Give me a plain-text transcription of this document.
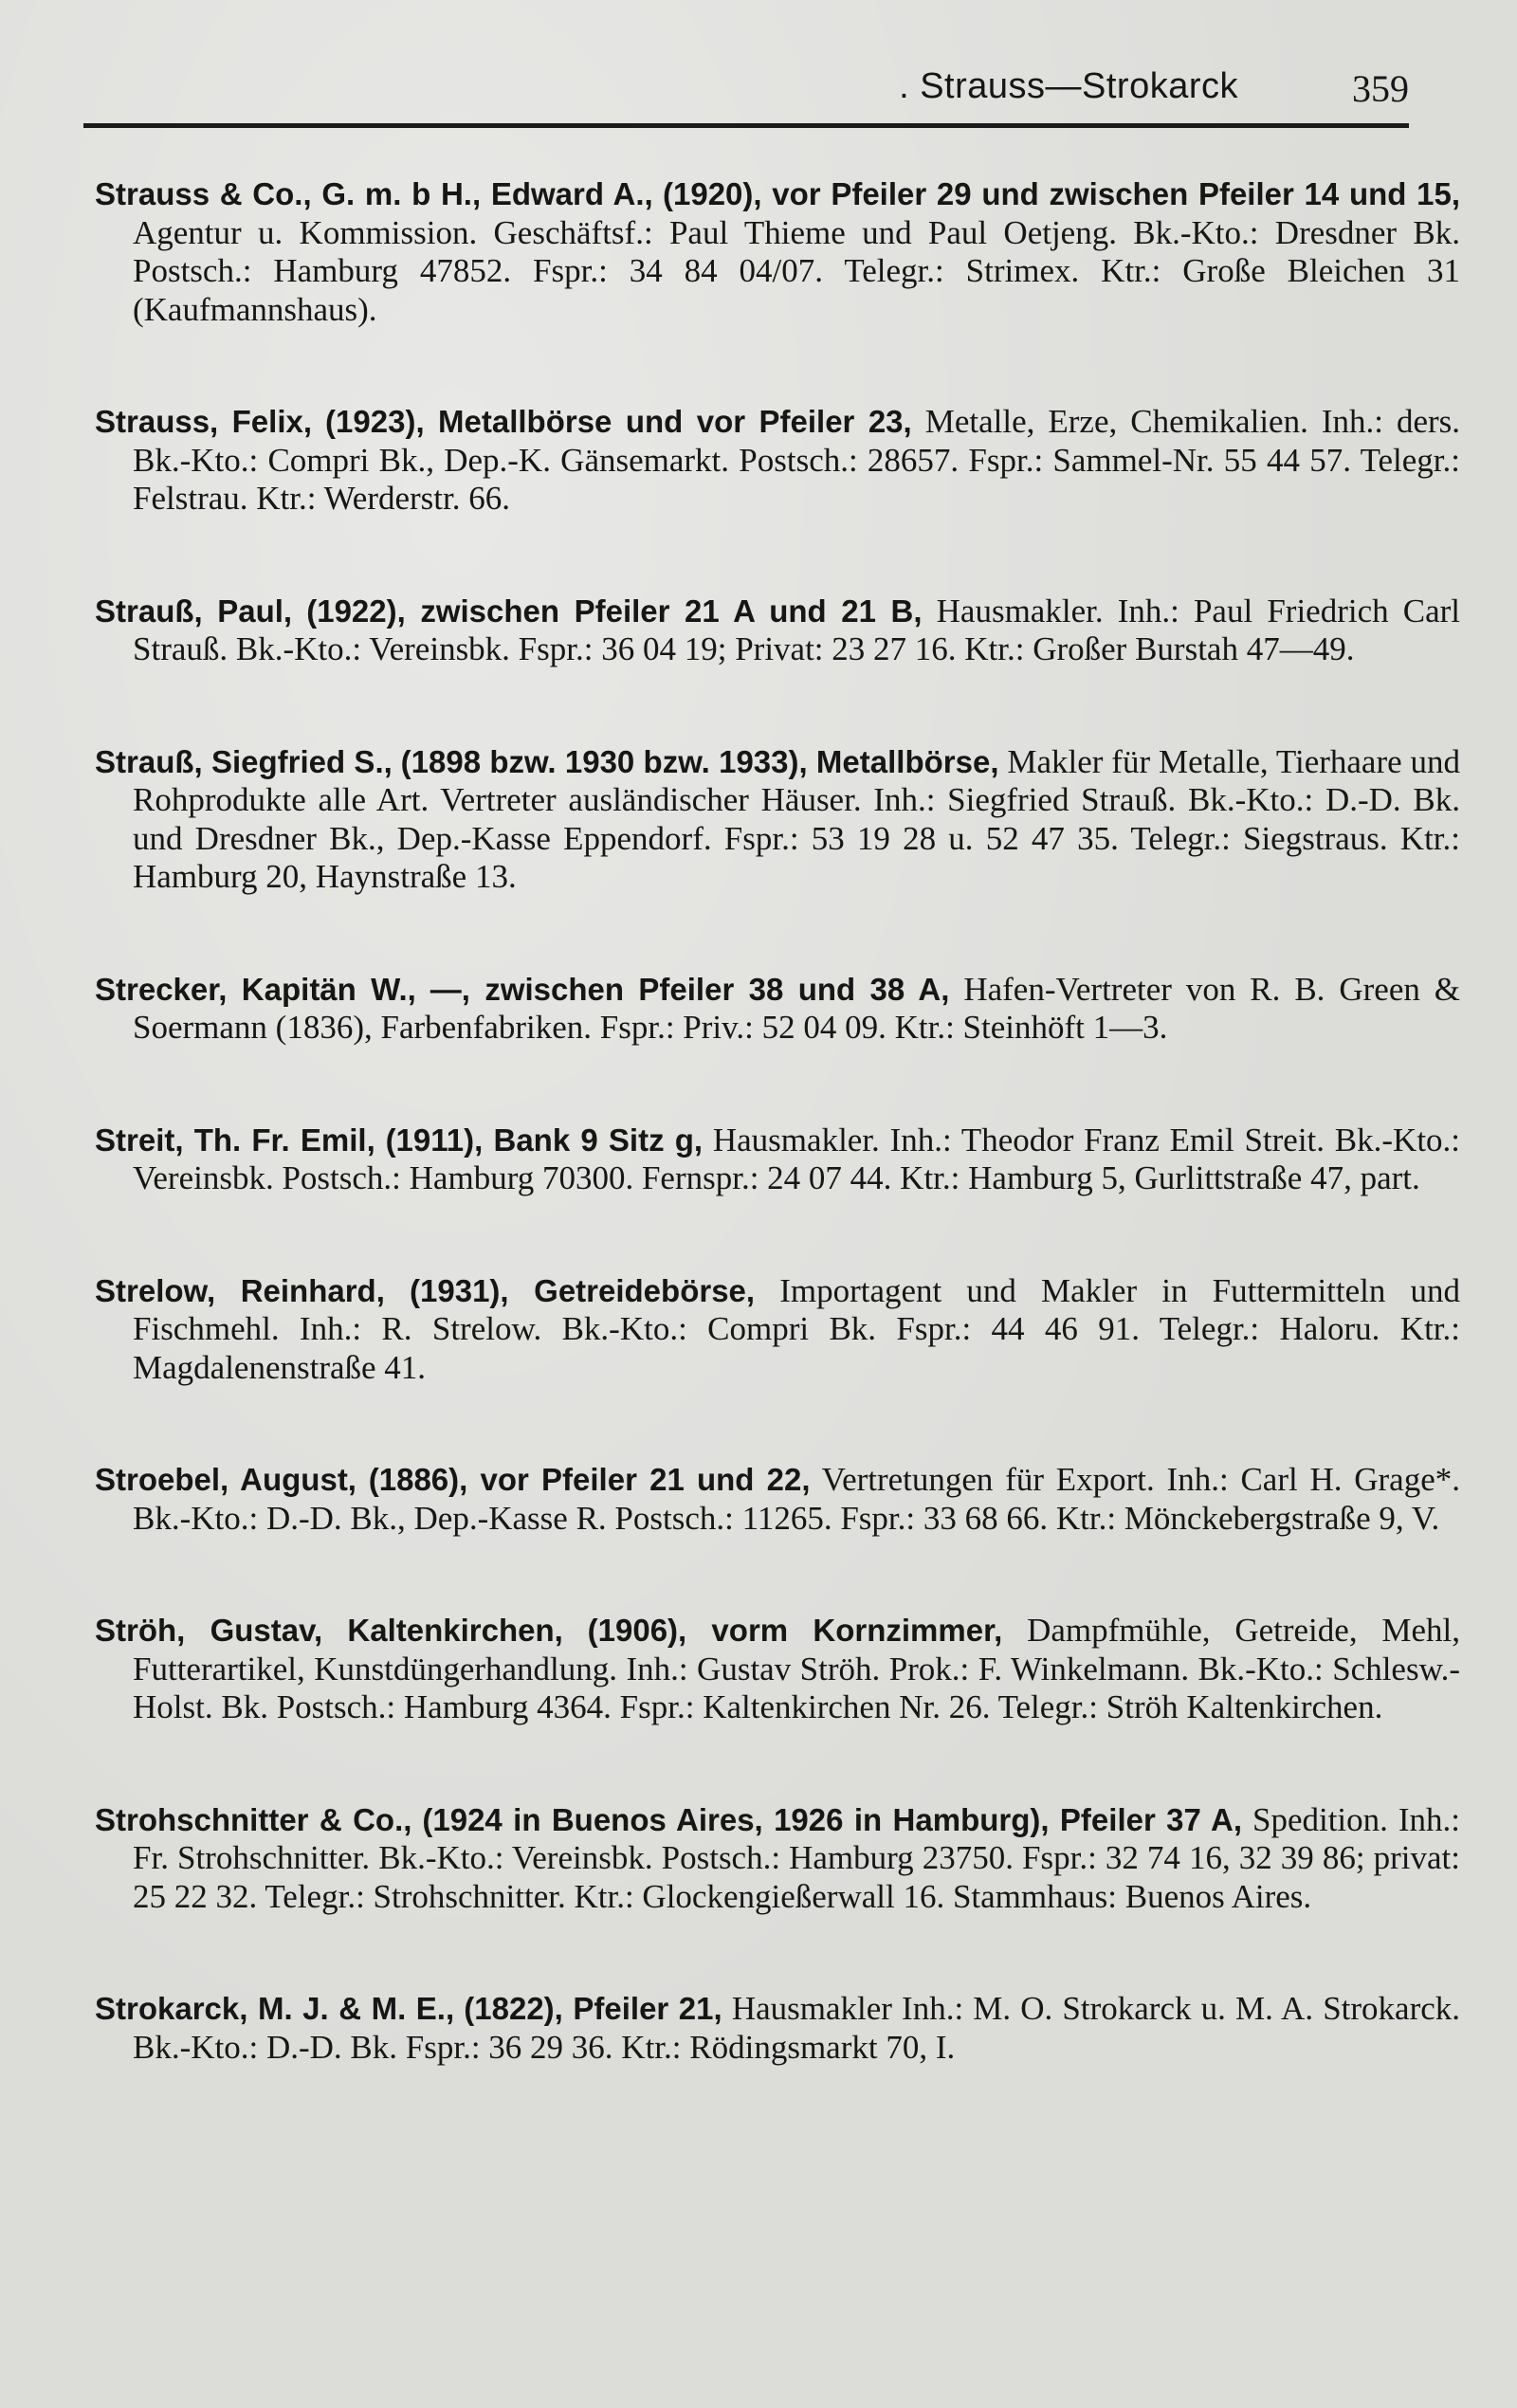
. Strauss—Strokarck	359
Strauss & Co., G. m. b H., Edward A., (1920), vor Pfeiler 29 und zwischen Pfeiler 14 und 15, Agentur u. Kommission. Geschäftsf.: Paul Thieme und Paul Oetjeng. Bk.-Kto.: Dresdner Bk. Postsch.: Hamburg 47852. Fspr.: 34 84 04/07. Telegr.: Strimex. Ktr.: Große Bleichen 31 (Kaufmannshaus).
Strauss, Felix, (1923), Metallbörse und vor Pfeiler 23, Metalle, Erze, Chemikalien. Inh.: ders. Bk.-Kto.: Compri Bk., Dep.-K. Gänsemarkt. Postsch.: 28657. Fspr.: Sammel-Nr. 55 44 57. Telegr.: Felstrau. Ktr.: Werderstr. 66.
Strauß, Paul, (1922), zwischen Pfeiler 21 A und 21 B, Hausmakler. Inh.: Paul Friedrich Carl Strauß. Bk.-Kto.: Vereinsbk. Fspr.: 36 04 19; Privat: 23 27 16. Ktr.: Großer Burstah 47—49.
Strauß, Siegfried S., (1898 bzw. 1930 bzw. 1933), Metallbörse, Makler für Metalle, Tierhaare und Rohprodukte alle Art. Vertreter ausländischer Häuser. Inh.: Siegfried Strauß. Bk.-Kto.: D.-D. Bk. und Dresdner Bk., Dep.-Kasse Eppendorf. Fspr.: 53 19 28 u. 52 47 35. Telegr.: Siegstraus. Ktr.: Hamburg 20, Haynstraße 13.
Strecker, Kapitän W., —, zwischen Pfeiler 38 und 38 A, Hafen-Vertreter von R. B. Green & Soermann (1836), Farbenfabriken. Fspr.: Priv.: 52 04 09. Ktr.: Steinhöft 1—3.
Streit, Th. Fr. Emil, (1911), Bank 9 Sitz g, Hausmakler. Inh.: Theodor Franz Emil Streit. Bk.-Kto.: Vereinsbk. Postsch.: Hamburg 70300. Fernspr.: 24 07 44. Ktr.: Hamburg 5, Gurlittstraße 47, part.
Strelow, Reinhard, (1931), Getreidebörse, Importagent und Makler in Futtermitteln und Fischmehl. Inh.: R. Strelow. Bk.-Kto.: Compri Bk. Fspr.: 44 46 91. Telegr.: Haloru. Ktr.: Magdalenenstraße 41.
Stroebel, August, (1886), vor Pfeiler 21 und 22, Vertretungen für Export. Inh.: Carl H. Grage*. Bk.-Kto.: D.-D. Bk., Dep.-Kasse R. Postsch.: 11265. Fspr.: 33 68 66. Ktr.: Mönckebergstraße 9, V.
Ströh, Gustav, Kaltenkirchen, (1906), vorm Kornzimmer, Dampfmühle, Getreide, Mehl, Futterartikel, Kunstdüngerhandlung. Inh.: Gustav Ströh. Prok.: F. Winkelmann. Bk.-Kto.: Schlesw.-Holst. Bk. Postsch.: Hamburg 4364. Fspr.: Kaltenkirchen Nr. 26. Telegr.: Ströh Kaltenkirchen.
Strohschnitter & Co., (1924 in Buenos Aires, 1926 in Hamburg), Pfeiler 37 A, Spedition. Inh.: Fr. Strohschnitter. Bk.-Kto.: Vereinsbk. Postsch.: Hamburg 23750. Fspr.: 32 74 16, 32 39 86; privat: 25 22 32. Telegr.: Strohschnitter. Ktr.: Glockengießerwall 16. Stammhaus: Buenos Aires.
Strokarck, M. J. & M. E., (1822), Pfeiler 21, Hausmakler Inh.: M. O. Strokarck u. M. A. Strokarck. Bk.-Kto.: D.-D. Bk. Fspr.: 36 29 36. Ktr.: Rödingsmarkt 70, I.
